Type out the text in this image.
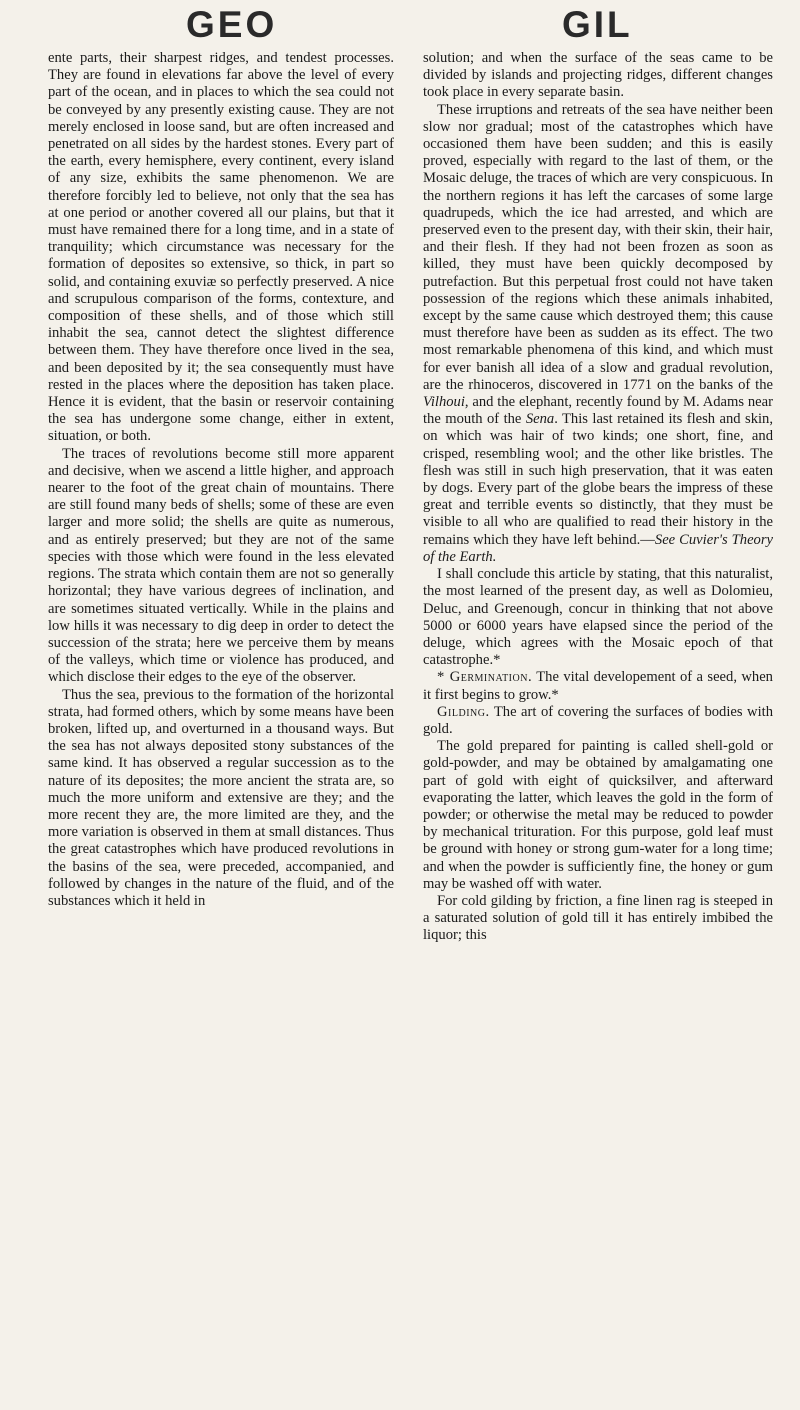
GEO	GIL

ente parts, their sharpest ridges, and tendest processes. They are found in elevations far above the level of every part of the ocean, and in places to which the sea could not be conveyed by any presently existing cause. They are not merely enclosed in loose sand, but are often increased and penetrated on all sides by the hardest stones. Every part of the earth, every hemisphere, every continent, every island of any size, exhibits the same phenomenon. We are therefore forcibly led to believe, not only that the sea has at one period or another covered all our plains, but that it must have remained there for a long time, and in a state of tranquility; which circumstance was necessary for the formation of deposites so extensive, so thick, in part so solid, and containing exuviæ so perfectly preserved. A nice and scrupulous comparison of the forms, contexture, and composition of these shells, and of those which still inhabit the sea, cannot detect the slightest difference between them. They have therefore once lived in the sea, and been deposited by it; the sea consequently must have rested in the places where the deposition has taken place. Hence it is evident, that the basin or reservoir containing the sea has undergone some change, either in extent, situation, or both.

The traces of revolutions become still more apparent and decisive, when we ascend a little higher, and approach nearer to the foot of the great chain of mountains. There are still found many beds of shells; some of these are even larger and more solid; the shells are quite as numerous, and as entirely preserved; but they are not of the same species with those which were found in the less elevated regions. The strata which contain them are not so generally horizontal; they have various degrees of inclination, and are sometimes situated vertically. While in the plains and low hills it was necessary to dig deep in order to detect the succession of the strata; here we perceive them by means of the valleys, which time or violence has produced, and which disclose their edges to the eye of the observer.

Thus the sea, previous to the formation of the horizontal strata, had formed others, which by some means have been broken, lifted up, and overturned in a thousand ways. But the sea has not always deposited stony substances of the same kind. It has observed a regular succession as to the nature of its deposites; the more ancient the strata are, so much the more uniform and extensive are they; and the more recent they are, the more limited are they, and the more variation is observed in them at small distances. Thus the great catastrophes which have produced revolutions in the basins of the sea, were preceded, accompanied, and followed by changes in the nature of the fluid, and of the substances which it held in

solution; and when the surface of the seas came to be divided by islands and projecting ridges, different changes took place in every separate basin.

These irruptions and retreats of the sea have neither been slow nor gradual; most of the catastrophes which have occasioned them have been sudden; and this is easily proved, especially with regard to the last of them, or the Mosaic deluge, the traces of which are very conspicuous. In the northern regions it has left the carcases of some large quadrupeds, which the ice had arrested, and which are preserved even to the present day, with their skin, their hair, and their flesh. If they had not been frozen as soon as killed, they must have been quickly decomposed by putrefaction. But this perpetual frost could not have taken possession of the regions which these animals inhabited, except by the same cause which destroyed them; this cause must therefore have been as sudden as its effect. The two most remarkable phenomena of this kind, and which must for ever banish all idea of a slow and gradual revolution, are the rhinoceros, discovered in 1771 on the banks of the Vilhoui, and the elephant, recently found by M. Adams near the mouth of the Sena. This last retained its flesh and skin, on which was hair of two kinds; one short, fine, and crisped, resembling wool; and the other like bristles. The flesh was still in such high preservation, that it was eaten by dogs. Every part of the globe bears the impress of these great and terrible events so distinctly, that they must be visible to all who are qualified to read their history in the remains which they have left behind.—See Cuvier's Theory of the Earth.

I shall conclude this article by stating, that this naturalist, the most learned of the present day, as well as Dolomieu, Deluc, and Greenough, concur in thinking that not above 5000 or 6000 years have elapsed since the period of the deluge, which agrees with the Mosaic epoch of that catastrophe.*

* Germination. The vital developement of a seed, when it first begins to grow.*

Gilding. The art of covering the surfaces of bodies with gold.

The gold prepared for painting is called shell-gold or gold-powder, and may be obtained by amalgamating one part of gold with eight of quicksilver, and afterward evaporating the latter, which leaves the gold in the form of powder; or otherwise the metal may be reduced to powder by mechanical trituration. For this purpose, gold leaf must be ground with honey or strong gum-water for a long time; and when the powder is sufficiently fine, the honey or gum may be washed off with water.

For cold gilding by friction, a fine linen rag is steeped in a saturated solution of gold till it has entirely imbibed the liquor; this
